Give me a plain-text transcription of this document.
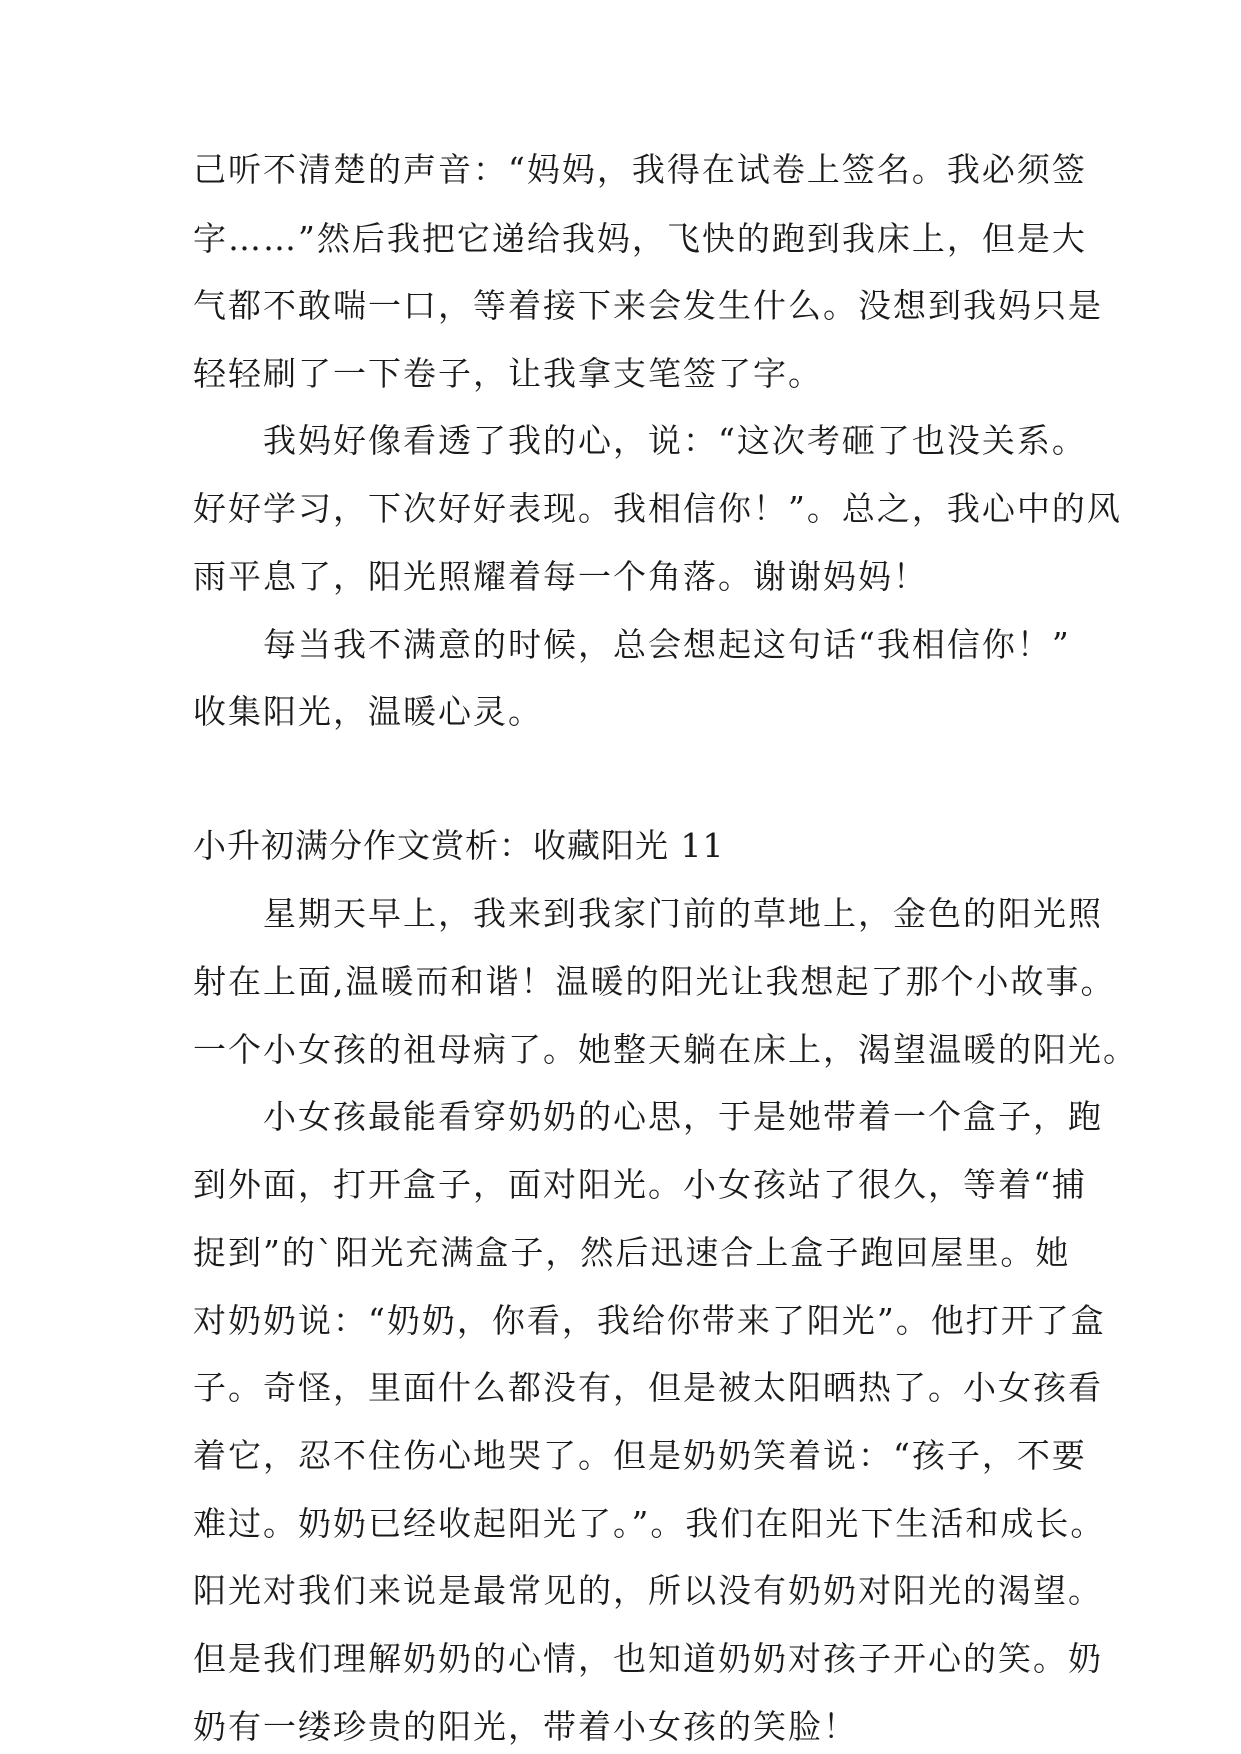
己听不清楚的声音：“妈妈，我得在试卷上签名。我必须签
字……”然后我把它递给我妈，飞快的跑到我床上，但是大
气都不敢喘一口，等着接下来会发生什么。没想到我妈只是
轻轻刷了一下卷子，让我拿支笔签了字。
　　我妈好像看透了我的心，说：“这次考砸了也没关系。
好好学习，下次好好表现。我相信你！”。总之，我心中的风
雨平息了，阳光照耀着每一个角落。谢谢妈妈！
　　每当我不满意的时候，总会想起这句话“我相信你！”
收集阳光，温暖心灵。
小升初满分作文赏析：收藏阳光 11
　　星期天早上，我来到我家门前的草地上，金色的阳光照
射在上面,温暖而和谐！温暖的阳光让我想起了那个小故事。
一个小女孩的祖母病了。她整天躺在床上，渴望温暖的阳光。
　　小女孩最能看穿奶奶的心思，于是她带着一个盒子，跑
到外面，打开盒子，面对阳光。小女孩站了很久，等着“捕
捉到”的`阳光充满盒子，然后迅速合上盒子跑回屋里。她
对奶奶说：“奶奶，你看，我给你带来了阳光”。他打开了盒
子。奇怪，里面什么都没有，但是被太阳晒热了。小女孩看
着它，忍不住伤心地哭了。但是奶奶笑着说：“孩子，不要
难过。奶奶已经收起阳光了。”。我们在阳光下生活和成长。
阳光对我们来说是最常见的，所以没有奶奶对阳光的渴望。
但是我们理解奶奶的心情，也知道奶奶对孩子开心的笑。奶
奶有一缕珍贵的阳光，带着小女孩的笑脸！
